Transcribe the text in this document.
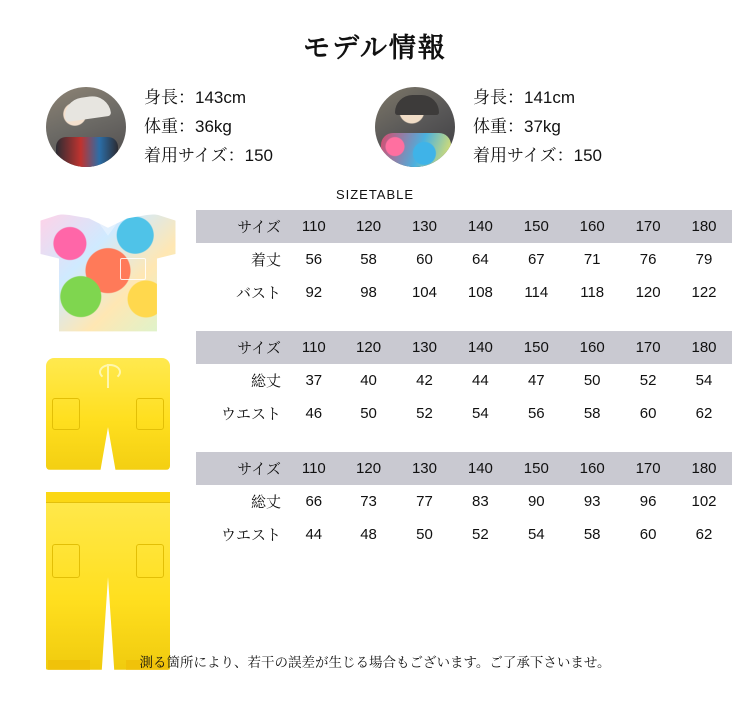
モデル情報
身長：143cm
体重：36kg
着用サイズ：150
身長：141cm
体重：37kg
着用サイズ：150
SIZETABLE
サイズ	110	120	130	140	150	160	170	180
着丈	56	58	60	64	67	71	76	79
バスト	92	98	104	108	114	118	120	122
サイズ	110	120	130	140	150	160	170	180
総丈	37	40	42	44	47	50	52	54
ウエスト	46	50	52	54	56	58	60	62
サイズ	110	120	130	140	150	160	170	180
総丈	66	73	77	83	90	93	96	102
ウエスト	44	48	50	52	54	58	60	62
測る箇所により、若干の誤差が生じる場合もございます。ご了承下さいませ。
